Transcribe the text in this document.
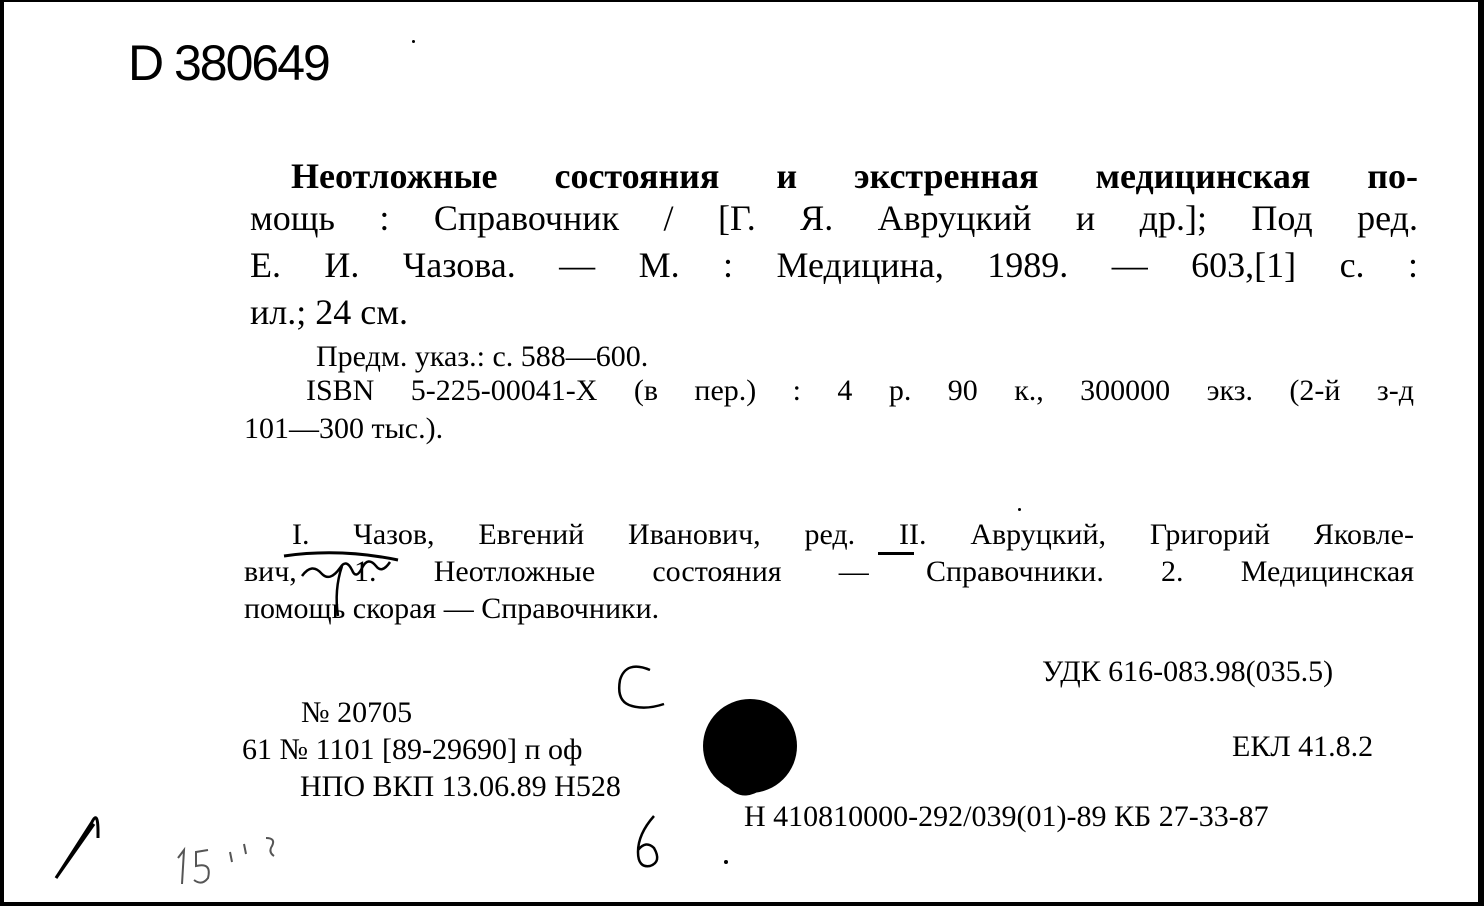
D 380649
Неотложные состояния и экстренная медицинская по-
мощь : Справочник / [Г. Я. Авруцкий и др.]; Под ред.
Е. И. Чазова. — М. : Медицина, 1989. — 603,[1] с. :
ил.; 24 см.
Предм. указ.: с. 588—600.
ISBN 5-225-00041-X (в пер.) : 4 р. 90 к., 300000 экз. (2-й з-д
101—300 тыс.).
I. Чазов, Евгений Иванович, ред. II. Авруцкий, Григорий Яковле-
вич, 1. Неотложные состояния — Справочники. 2. Медицинская
помощь скорая — Справочники.
УДК 616-083.98(035.5)
№ 20705
61 № 1101 [89-29690] п оф	ЕКЛ 41.8.2
НПО ВКП 13.06.89 Н528
Н 410810000-292/039(01)-89 КБ 27-33-87
